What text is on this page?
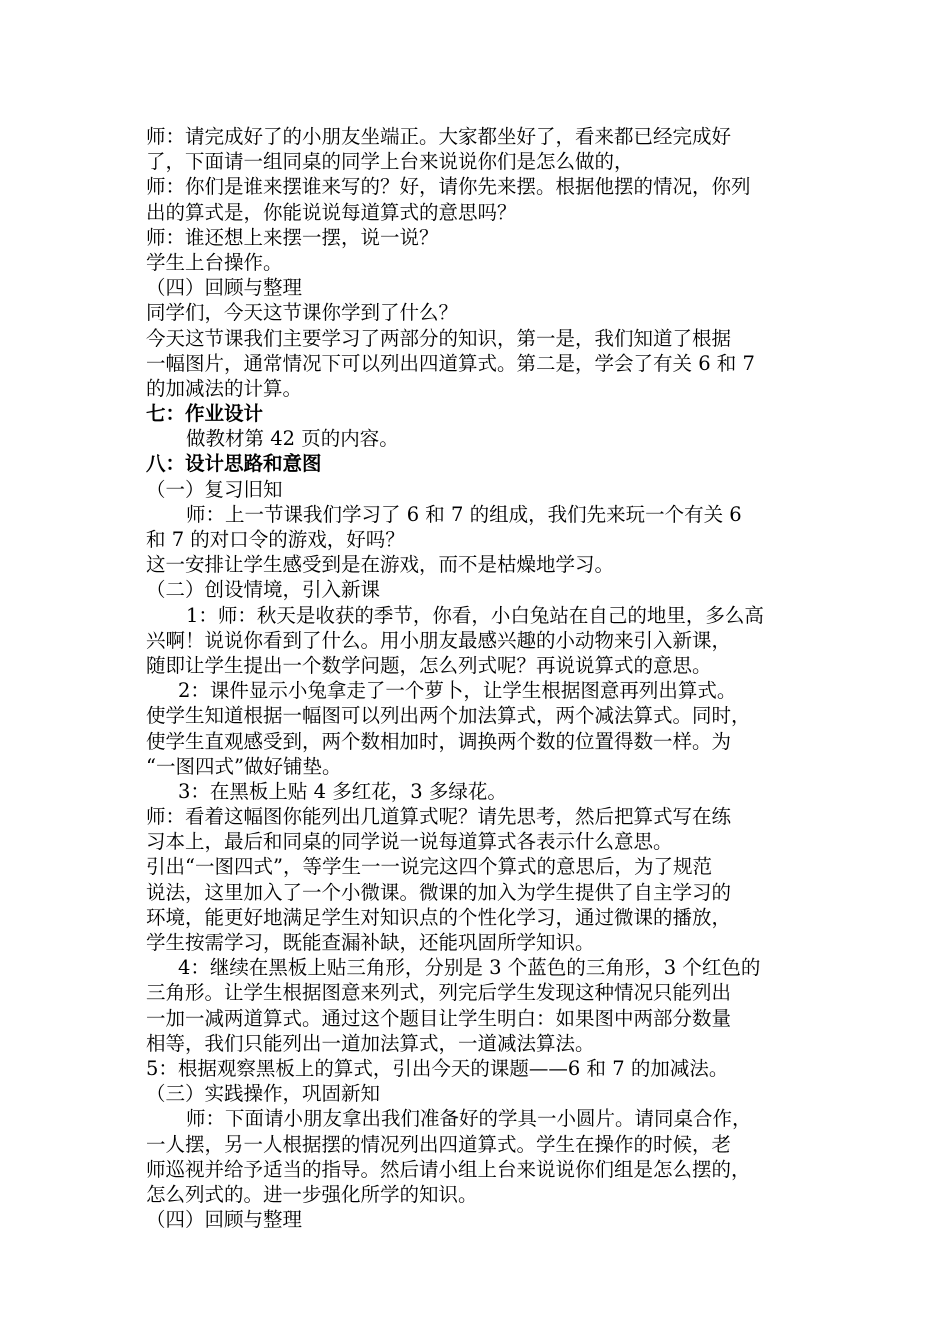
师：请完成好了的小朋友坐端正。大家都坐好了，看来都已经完成好
了，下面请一组同桌的同学上台来说说你们是怎么做的，
师：你们是谁来摆谁来写的？好，请你先来摆。根据他摆的情况，你列
出的算式是，你能说说每道算式的意思吗？
师：谁还想上来摆一摆，说一说？
学生上台操作。
（四）回顾与整理
同学们，今天这节课你学到了什么？
今天这节课我们主要学习了两部分的知识，第一是，我们知道了根据
一幅图片，通常情况下可以列出四道算式。第二是，学会了有关 6 和 7
的加减法的计算。
七：作业设计
做教材第 42 页的内容。
八：设计思路和意图
（一）复习旧知
师：上一节课我们学习了 6 和 7 的组成，我们先来玩一个有关 6
和 7 的对口令的游戏，好吗？
这一安排让学生感受到是在游戏，而不是枯燥地学习。
（二）创设情境，引入新课
1：师：秋天是收获的季节，你看，小白兔站在自己的地里，多么高
兴啊！说说你看到了什么。用小朋友最感兴趣的小动物来引入新课，
随即让学生提出一个数学问题，怎么列式呢？再说说算式的意思。
2：课件显示小兔拿走了一个萝卜，让学生根据图意再列出算式。
使学生知道根据一幅图可以列出两个加法算式，两个减法算式。同时，
使学生直观感受到，两个数相加时，调换两个数的位置得数一样。为
“一图四式”做好铺垫。
3：在黑板上贴 4 多红花，3 多绿花。
师：看着这幅图你能列出几道算式呢？请先思考，然后把算式写在练
习本上，最后和同桌的同学说一说每道算式各表示什么意思。
引出“一图四式”，等学生一一说完这四个算式的意思后，为了规范
说法，这里加入了一个小微课。微课的加入为学生提供了自主学习的
环境，能更好地满足学生对知识点的个性化学习，通过微课的播放，
学生按需学习，既能查漏补缺，还能巩固所学知识。
4：继续在黑板上贴三角形，分别是 3 个蓝色的三角形，3 个红色的
三角形。让学生根据图意来列式，列完后学生发现这种情况只能列出
一加一减两道算式。通过这个题目让学生明白：如果图中两部分数量
相等，我们只能列出一道加法算式，一道减法算法。
5：根据观察黑板上的算式，引出今天的课题——6 和 7 的加减法。
（三）实践操作，巩固新知
师：下面请小朋友拿出我们准备好的学具一小圆片。请同桌合作，
一人摆，另一人根据摆的情况列出四道算式。学生在操作的时候，老
师巡视并给予适当的指导。然后请小组上台来说说你们组是怎么摆的，
怎么列式的。进一步强化所学的知识。
（四）回顾与整理
